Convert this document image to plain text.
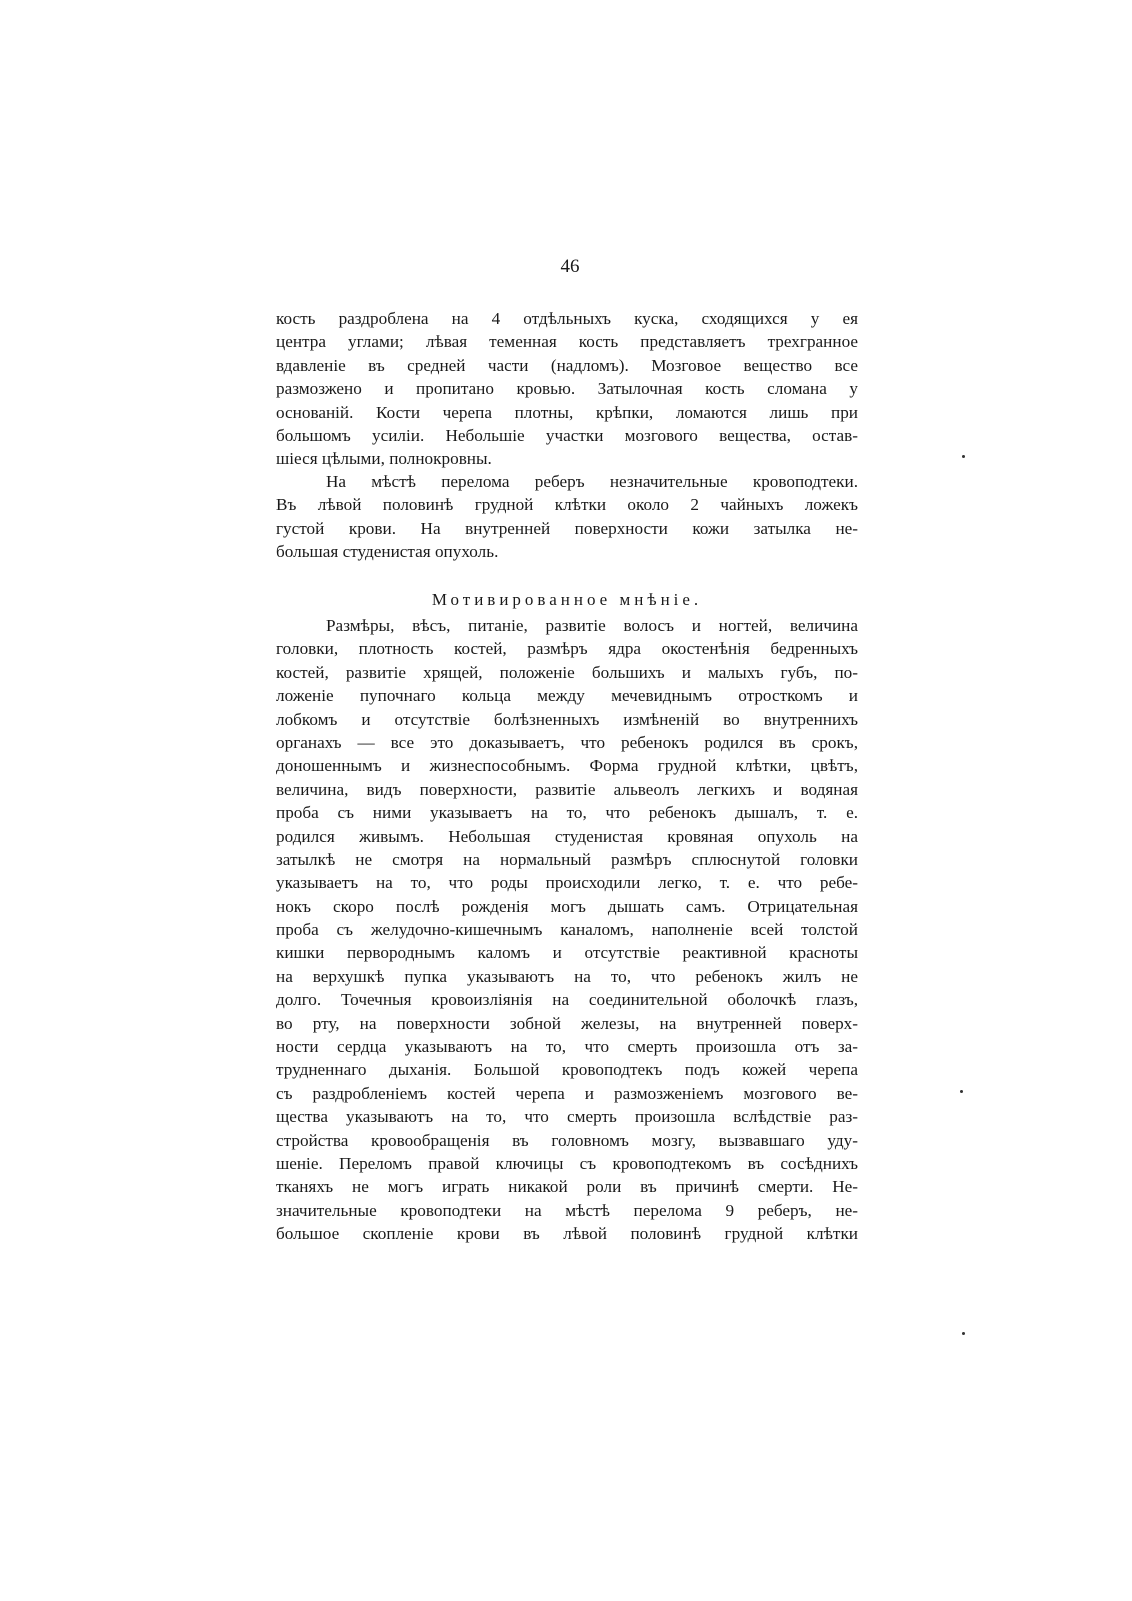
46
кость раздроблена на 4 отдѣльныхъ куска, сходящихся у ея
центра углами; лѣвая теменная кость представляетъ трехгранное
вдавленіе въ средней части (надломъ). Мозговое вещество все
размозжено и пропитано кровью. Затылочная кость сломана у
основаній. Кости черепа плотны, крѣпки, ломаются лишь при
большомъ усиліи. Небольшіе участки мозгового вещества, остав-
шіеся цѣлыми, полнокровны.
На мѣстѣ перелома реберъ незначительные кровоподтеки.
Въ лѣвой половинѣ грудной клѣтки около 2 чайныхъ ложекъ
густой крови. На внутренней поверхности кожи затылка не-
большая студенистая опухоль.
Мотивированное мнѣніе.
Размѣры, вѣсъ, питаніе, развитіе волосъ и ногтей, величина
головки, плотность костей, размѣръ ядра окостенѣнія бедренныхъ
костей, развитіе хрящей, положеніе большихъ и малыхъ губъ, по-
ложеніе пупочнаго кольца между мечевиднымъ отросткомъ и
лобкомъ и отсутствіе болѣзненныхъ измѣненій во внутреннихъ
органахъ — все это доказываетъ, что ребенокъ родился въ срокъ,
доношеннымъ и жизнеспособнымъ. Форма грудной клѣтки, цвѣтъ,
величина, видъ поверхности, развитіе альвеолъ легкихъ и водяная
проба съ ними указываетъ на то, что ребенокъ дышалъ, т. е.
родился живымъ. Небольшая студенистая кровяная опухоль на
затылкѣ не смотря на нормальный размѣръ сплюснутой головки
указываетъ на то, что роды происходили легко, т. е. что ребе-
нокъ скоро послѣ рожденія могъ дышать самъ. Отрицательная
проба съ желудочно-кишечнымъ каналомъ, наполненіе всей толстой
кишки первороднымъ каломъ и отсутствіе реактивной красноты
на верхушкѣ пупка указываютъ на то, что ребенокъ жилъ не
долго. Точечныя кровоизліянія на соединительной оболочкѣ глазъ,
во рту, на поверхности зобной железы, на внутренней поверх-
ности сердца указываютъ на то, что смерть произошла отъ за-
трудненнаго дыханія. Большой кровоподтекъ подъ кожей черепа
съ раздробленіемъ костей черепа и размозженіемъ мозгового ве-
щества указываютъ на то, что смерть произошла вслѣдствіе раз-
стройства кровообращенія въ головномъ мозгу, вызвавшаго уду-
шеніе. Переломъ правой ключицы съ кровоподтекомъ въ сосѣднихъ
тканяхъ не могъ играть никакой роли въ причинѣ смерти. Не-
значительные кровоподтеки на мѣстѣ перелома 9 реберъ, не-
большое скопленіе крови въ лѣвой половинѣ грудной клѣтки
